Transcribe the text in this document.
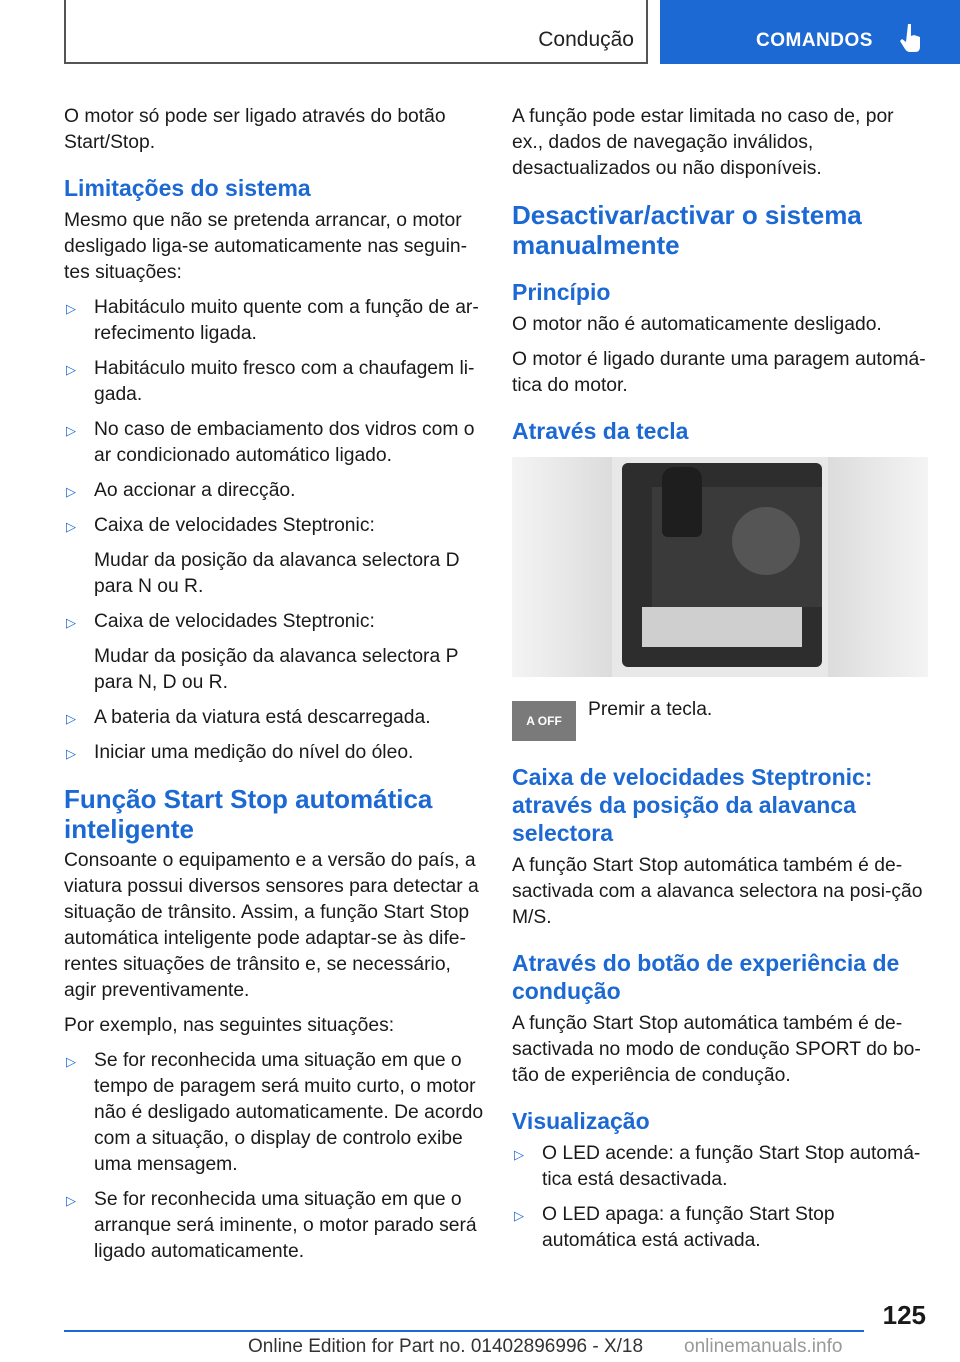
Condução	COMANDOS

O motor só pode ser ligado através do botão Start/Stop.

Limitações do sistema

Mesmo que não se pretenda arrancar, o motor desligado liga-se automaticamente nas seguin-tes situações:

▷ Habitáculo muito quente com a função de ar-refecimento ligada.
▷ Habitáculo muito fresco com a chaufagem li-gada.
▷ No caso de embaciamento dos vidros com o ar condicionado automático ligado.
▷ Ao accionar a direcção.
▷ Caixa de velocidades Steptronic:
Mudar da posição da alavanca selectora D para N ou R.
▷ Caixa de velocidades Steptronic:
Mudar da posição da alavanca selectora P para N, D ou R.
▷ A bateria da viatura está descarregada.
▷ Iniciar uma medição do nível do óleo.
Função Start Stop automática inteligente

Consoante o equipamento e a versão do país, a viatura possui diversos sensores para detectar a situação de trânsito. Assim, a função Start Stop automática inteligente pode adaptar-se às dife-rentes situações de trânsito e, se necessário, agir preventivamente.

Por exemplo, nas seguintes situações:

▷ Se for reconhecida uma situação em que o tempo de paragem será muito curto, o motor não é desligado automaticamente. De acordo com a situação, o display de controlo exibe uma mensagem.
▷ Se for reconhecida uma situação em que o arranque será iminente, o motor parado será ligado automaticamente.

A função pode estar limitada no caso de, por ex., dados de navegação inválidos, desactualizados ou não disponíveis.

Desactivar/activar o sistema manualmente
Princípio

O motor não é automaticamente desligado.

O motor é ligado durante uma paragem automá-tica do motor.

Através da tecla
A OFF
Premir a tecla.
Caixa de velocidades Steptronic: através da posição da alavanca selectora

A função Start Stop automática também é de-sactivada com a alavanca selectora na posi-ção M/S.

Através do botão de experiência de condução

A função Start Stop automática também é de-sactivada no modo de condução SPORT do bo-tão de experiência de condução.

Visualização
▷ O LED acende: a função Start Stop automá-tica está desactivada.
▷ O LED apaga: a função Start Stop automática está activada.
125
Online Edition for Part no. 01402896996 - X/18 onlinemanuals.info
